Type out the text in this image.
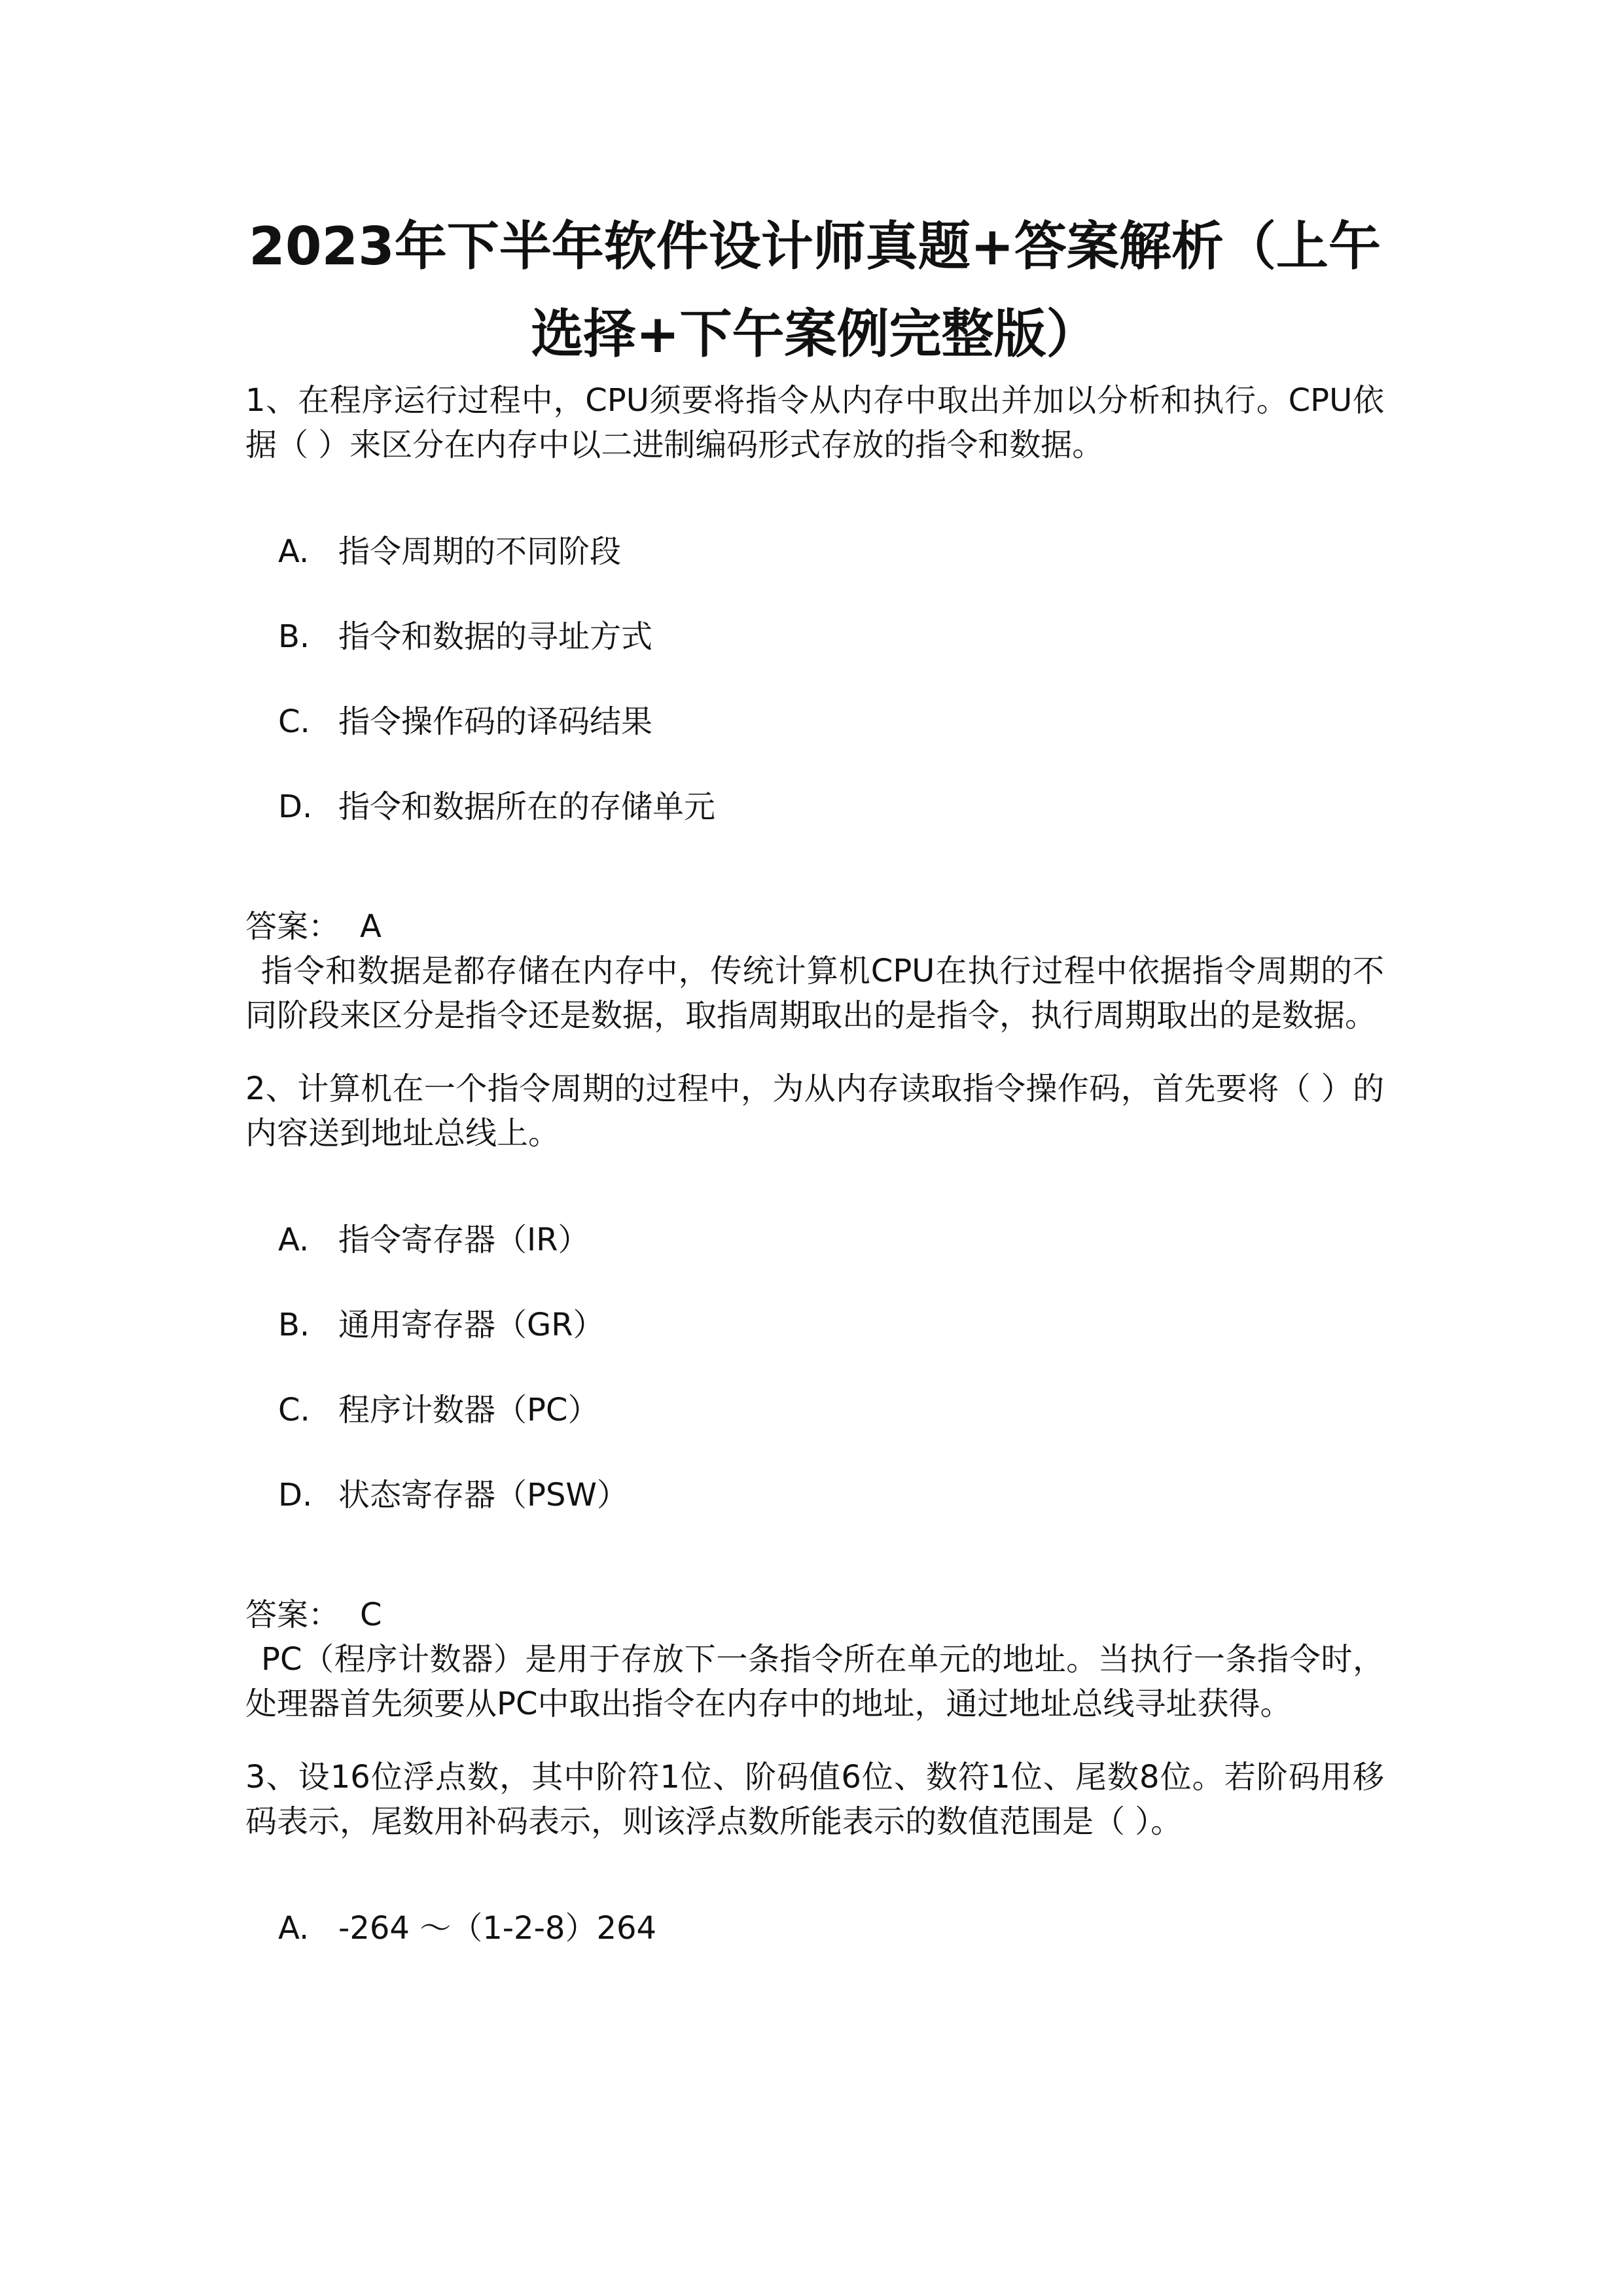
2023年下半年软件设计师真题+答案解析（上午
选择+下午案例完整版）

1、在程序运行过程中，CPU须要将指令从内存中取出并加以分析和执行。CPU依据（ ）来区分在内存中以二进制编码形式存放的指令和数据。

A. 指令周期的不同阶段
B. 指令和数据的寻址方式
C. 指令操作码的译码结果
D. 指令和数据所在的存储单元

答案： A

指令和数据是都存储在内存中，传统计算机CPU在执行过程中依据指令周期的不同阶段来区分是指令还是数据，取指周期取出的是指令，执行周期取出的是数据。

2、计算机在一个指令周期的过程中，为从内存读取指令操作码，首先要将（ ）的内容送到地址总线上。

A. 指令寄存器（IR）
B. 通用寄存器（GR）
C. 程序计数器（PC）
D. 状态寄存器（PSW）

答案： C

PC（程序计数器）是用于存放下一条指令所在单元的地址。当执行一条指令时，处理器首先须要从PC中取出指令在内存中的地址，通过地址总线寻址获得。

3、设16位浮点数，其中阶符1位、阶码值6位、数符1位、尾数8位。若阶码用移码表示，尾数用补码表示，则该浮点数所能表示的数值范围是（ ）。

A. -264 ～（1-2-8）264
